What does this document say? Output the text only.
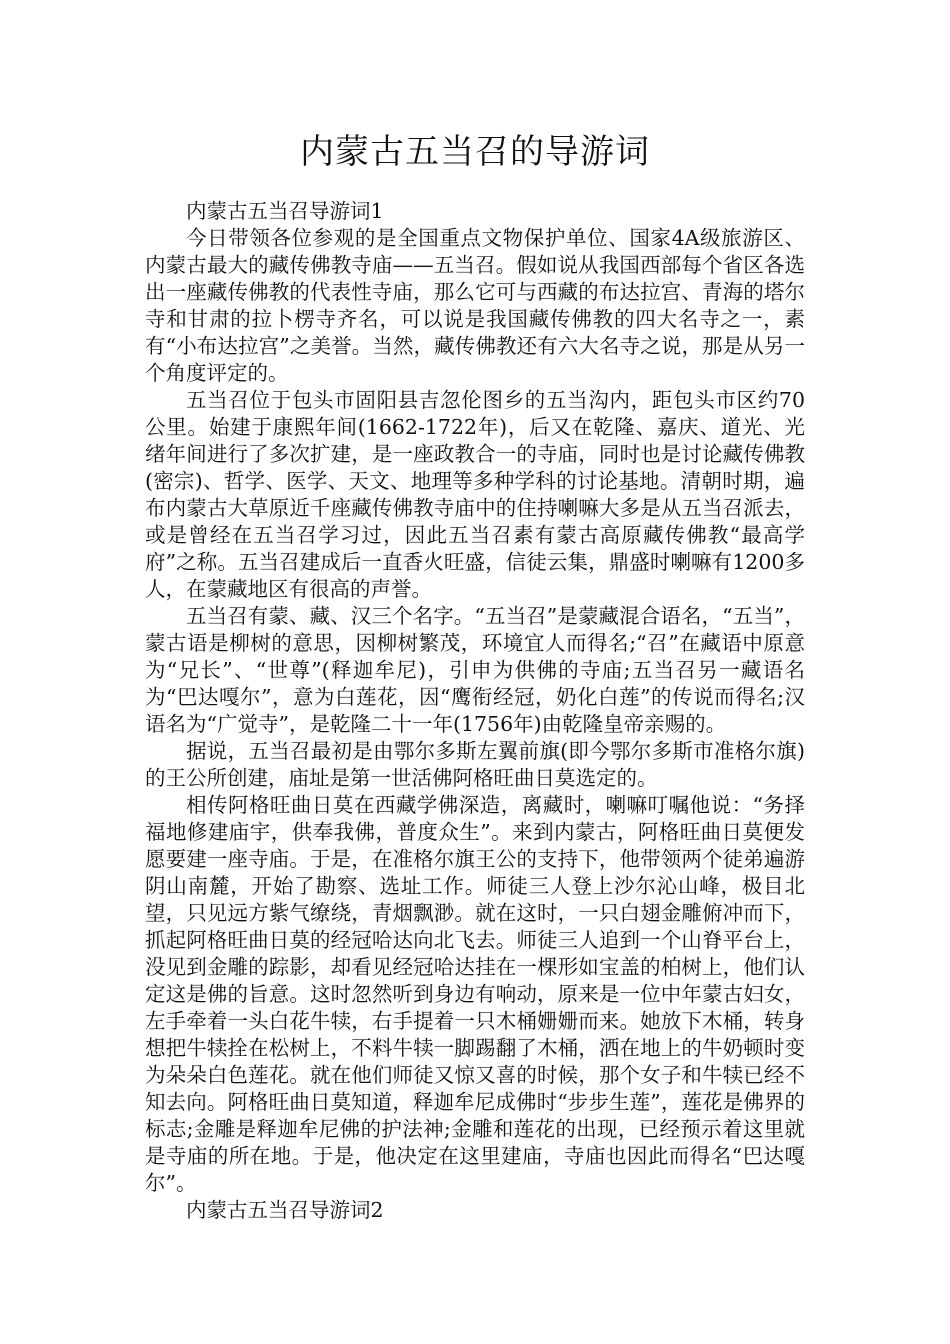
内蒙古五当召的导游词

内蒙古五当召导游词1

今日带领各位参观的是全国重点文物保护单位、国家4A级旅游区、内蒙古最大的藏传佛教寺庙——五当召。假如说从我国西部每个省区各选出一座藏传佛教的代表性寺庙，那么它可与西藏的布达拉宫、青海的塔尔寺和甘肃的拉卜楞寺齐名，可以说是我国藏传佛教的四大名寺之一，素有“小布达拉宫”之美誉。当然，藏传佛教还有六大名寺之说，那是从另一个角度评定的。

五当召位于包头市固阳县吉忽伦图乡的五当沟内，距包头市区约70公里。始建于康熙年间(1662-1722年)，后又在乾隆、嘉庆、道光、光绪年间进行了多次扩建，是一座政教合一的寺庙，同时也是讨论藏传佛教(密宗)、哲学、医学、天文、地理等多种学科的讨论基地。清朝时期，遍布内蒙古大草原近千座藏传佛教寺庙中的住持喇嘛大多是从五当召派去，或是曾经在五当召学习过，因此五当召素有蒙古高原藏传佛教“最高学府”之称。五当召建成后一直香火旺盛，信徒云集，鼎盛时喇嘛有1200多人，在蒙藏地区有很高的声誉。

五当召有蒙、藏、汉三个名字。“五当召”是蒙藏混合语名，“五当”，蒙古语是柳树的意思，因柳树繁茂，环境宜人而得名;“召”在藏语中原意为“兄长”、“世尊”(释迦牟尼)，引申为供佛的寺庙;五当召另一藏语名为“巴达嘎尔”，意为白莲花，因“鹰衔经冠，奶化白莲”的传说而得名;汉语名为“广觉寺”，是乾隆二十一年(1756年)由乾隆皇帝亲赐的。

据说，五当召最初是由鄂尔多斯左翼前旗(即今鄂尔多斯市准格尔旗)的王公所创建，庙址是第一世活佛阿格旺曲日莫选定的。

相传阿格旺曲日莫在西藏学佛深造，离藏时，喇嘛叮嘱他说：“务择福地修建庙宇，供奉我佛，普度众生”。来到内蒙古，阿格旺曲日莫便发愿要建一座寺庙。于是，在准格尔旗王公的支持下，他带领两个徒弟遍游阴山南麓，开始了勘察、选址工作。师徒三人登上沙尔沁山峰，极目北望，只见远方紫气缭绕，青烟飘渺。就在这时，一只白翅金雕俯冲而下，抓起阿格旺曲日莫的经冠哈达向北飞去。师徒三人追到一个山脊平台上，没见到金雕的踪影，却看见经冠哈达挂在一棵形如宝盖的柏树上，他们认定这是佛的旨意。这时忽然听到身边有响动，原来是一位中年蒙古妇女，左手牵着一头白花牛犊，右手提着一只木桶姗姗而来。她放下木桶，转身想把牛犊拴在松树上，不料牛犊一脚踢翻了木桶，洒在地上的牛奶顿时变为朵朵白色莲花。就在他们师徒又惊又喜的时候，那个女子和牛犊已经不知去向。阿格旺曲日莫知道，释迦牟尼成佛时“步步生莲”，莲花是佛界的标志;金雕是释迦牟尼佛的护法神;金雕和莲花的出现，已经预示着这里就是寺庙的所在地。于是，他决定在这里建庙，寺庙也因此而得名“巴达嘎尔”。

内蒙古五当召导游词2
